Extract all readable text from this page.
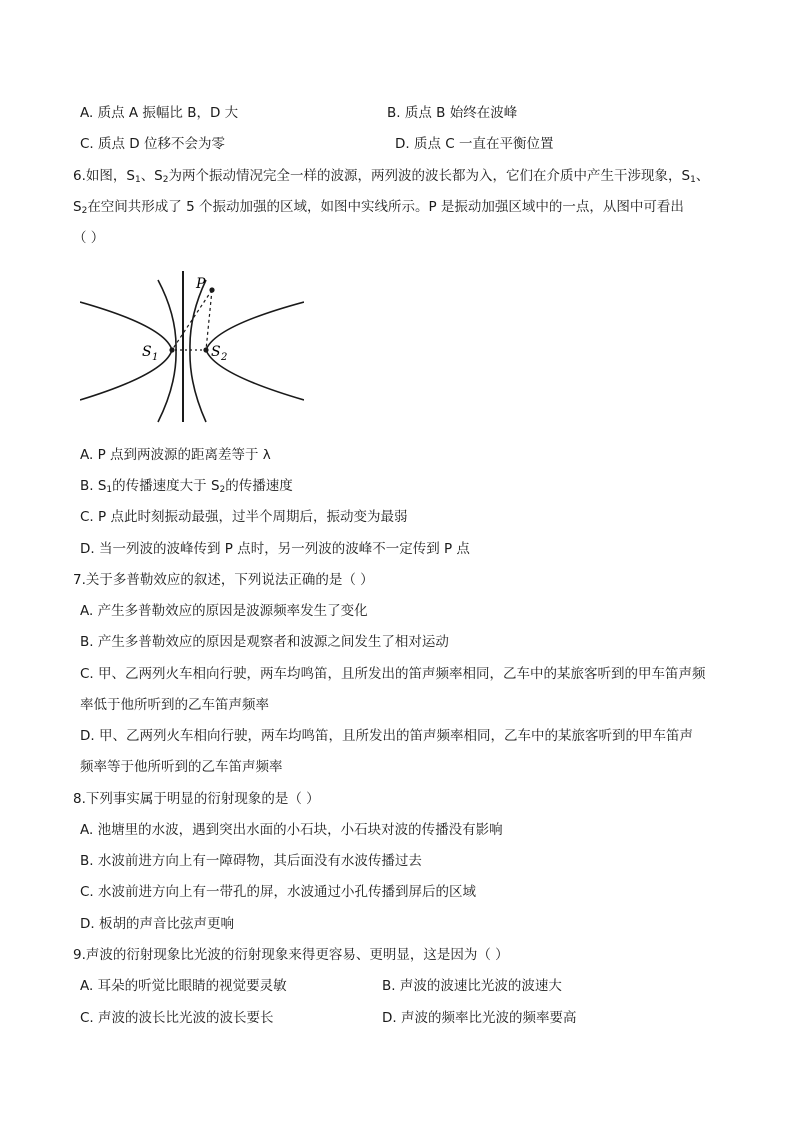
A. 质点 A 振幅比 B，D 大	B. 质点 B 始终在波峰
C. 质点 D 位移不会为零	D. 质点 C 一直在平衡位置
6.如图，$S_1$、$S_2$为两个振动情况完全一样的波源，两列波的波长都为入，它们在介质中产生干涉现象，$S_1$、
$S_2$在空间共形成了 5 个振动加强的区域，如图中实线所示。P 是振动加强区域中的一点，从图中可看出
（ ）
P
S 1	S 2
A. P 点到两波源的距离差等于 λ
B. $S_1$的传播速度大于 $S_2$的传播速度
C. P 点此时刻振动最强，过半个周期后，振动变为最弱
D. 当一列波的波峰传到 P 点时，另一列波的波峰不一定传到 P 点
7.关于多普勒效应的叙述，下列说法正确的是（ ）
A. 产生多普勒效应的原因是波源频率发生了变化
B. 产生多普勒效应的原因是观察者和波源之间发生了相对运动
C. 甲、乙两列火车相向行驶，两车均鸣笛，且所发出的笛声频率相同，乙车中的某旅客听到的甲车笛声频
率低于他所听到的乙车笛声频率
D. 甲、乙两列火车相向行驶，两车均鸣笛，且所发出的笛声频率相同，乙车中的某旅客听到的甲车笛声
频率等于他所听到的乙车笛声频率
8.下列事实属于明显的衍射现象的是（ ）
A. 池塘里的水波，遇到突出水面的小石块，小石块对波的传播没有影响
B. 水波前进方向上有一障碍物，其后面没有水波传播过去
C. 水波前进方向上有一带孔的屏，水波通过小孔传播到屏后的区域
D. 板胡的声音比弦声更响
9.声波的衍射现象比光波的衍射现象来得更容易、更明显，这是因为（ ）
A. 耳朵的听觉比眼睛的视觉要灵敏	B. 声波的波速比光波的波速大
C. 声波的波长比光波的波长要长	D. 声波的频率比光波的频率要高
